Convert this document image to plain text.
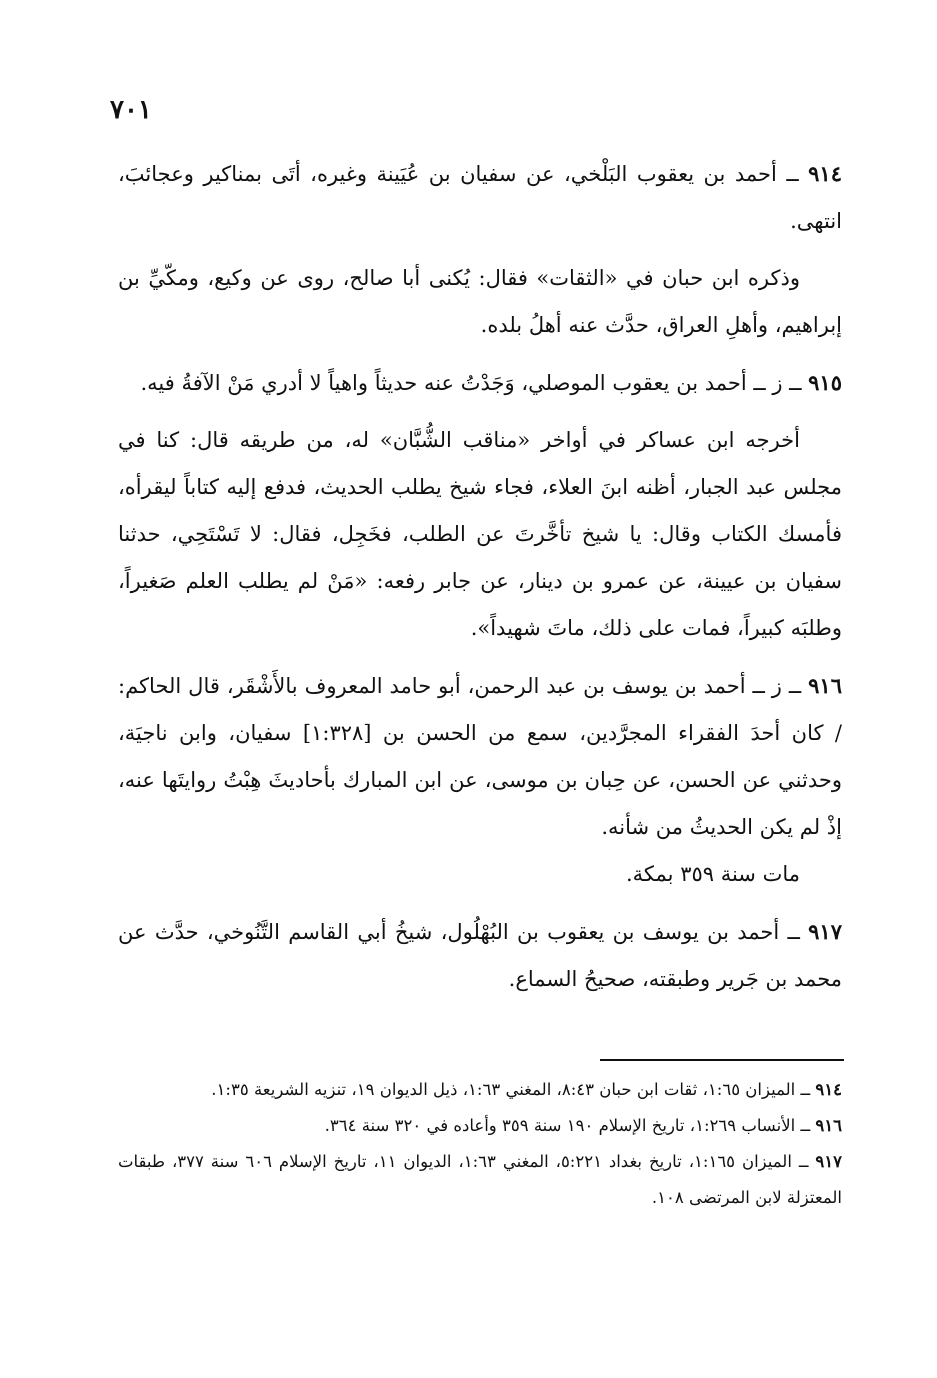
٧٠١

٩١٤ ــ أحمد بن يعقوب البَلْخي، عن سفيان بن عُيَينة وغيره، أتَى بمناكير وعجائبَ، انتهى.

وذكره ابن حبان في «الثقات» فقال: يُكنى أبا صالح، روى عن وكيع، ومكّيِّ بن إبراهيم، وأهلِ العراق، حدَّث عنه أهلُ بلده.

٩١٥ ــ ز ــ أحمد بن يعقوب الموصلي، وَجَدْتُ عنه حديثاً واهياً لا أدري مَنْ الآفةُ فيه.

أخرجه ابن عساكر في أواخر «مناقب الشُّبَّان» له، من طريقه قال: كنا في مجلس عبد الجبار، أظنه ابنَ العلاء، فجاء شيخ يطلب الحديث، فدفع إليه كتاباً ليقرأه، فأمسك الكتاب وقال: يا شيخ تأخَّرتَ عن الطلب، فخَجِل، فقال: لا تَسْتَحِي، حدثنا سفيان بن عيينة، عن عمرو بن دينار، عن جابر رفعه: «مَنْ لم يطلب العلم صَغيراً، وطلبَه كبيراً، فمات على ذلك، ماتَ شهيداً».

٩١٦ ــ ز ــ أحمد بن يوسف بن عبد الرحمن، أبو حامد المعروف بالأَشْقَر، قال الحاكم: / كان أحدَ الفقراء المجرَّدين، سمع من الحسن بن [١:٣٢٨] سفيان، وابن ناجيَة، وحدثني عن الحسن، عن حِبان بن موسى، عن ابن المبارك بأحاديثَ هِبْتُ روايتَها عنه، إذْ لم يكن الحديثُ من شأنه.

مات سنة ٣٥٩ بمكة.

٩١٧ ــ أحمد بن يوسف بن يعقوب بن البُهْلُول، شيخُ أبي القاسم التَّنُوخي، حدَّث عن محمد بن جَرير وطبقته، صحيحُ السماع.

٩١٤ ــ الميزان ١:٦٥، ثقات ابن حبان ٨:٤٣، المغني ١:٦٣، ذيل الديوان ١٩، تنزيه الشريعة ١:٣٥.

٩١٦ ــ الأنساب ١:٢٦٩، تاريخ الإسلام ١٩٠ سنة ٣٥٩ وأعاده في ٣٢٠ سنة ٣٦٤.

٩١٧ ــ الميزان ١:١٦٥، تاريخ بغداد ٥:٢٢١، المغني ١:٦٣، الديوان ١١، تاريخ الإسلام ٦٠٦ سنة ٣٧٧، طبقات المعتزلة لابن المرتضى ١٠٨.
